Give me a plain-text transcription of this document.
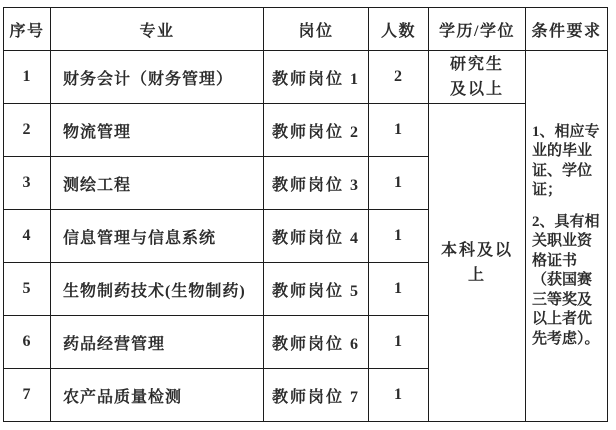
序号	专业	岗位	人数	学历/学位	条件要求
1	财务会计（财务管理）	教师岗位 1	2	研究生及以上	1、相应专业的毕业证、学位证；

2、具有相关职业资格证书（获国赛三等奖及以上者优先考虑）。

2	物流管理	教师岗位 2	1	本科及以上	
3	测绘工程	教师岗位 3	1		
4	信息管理与信息系统	教师岗位 4	1		
5	生物制药技术(生物制药)	教师岗位 5	1		
6	药品经营管理	教师岗位 6	1		
7	农产品质量检测	教师岗位 7	1		
